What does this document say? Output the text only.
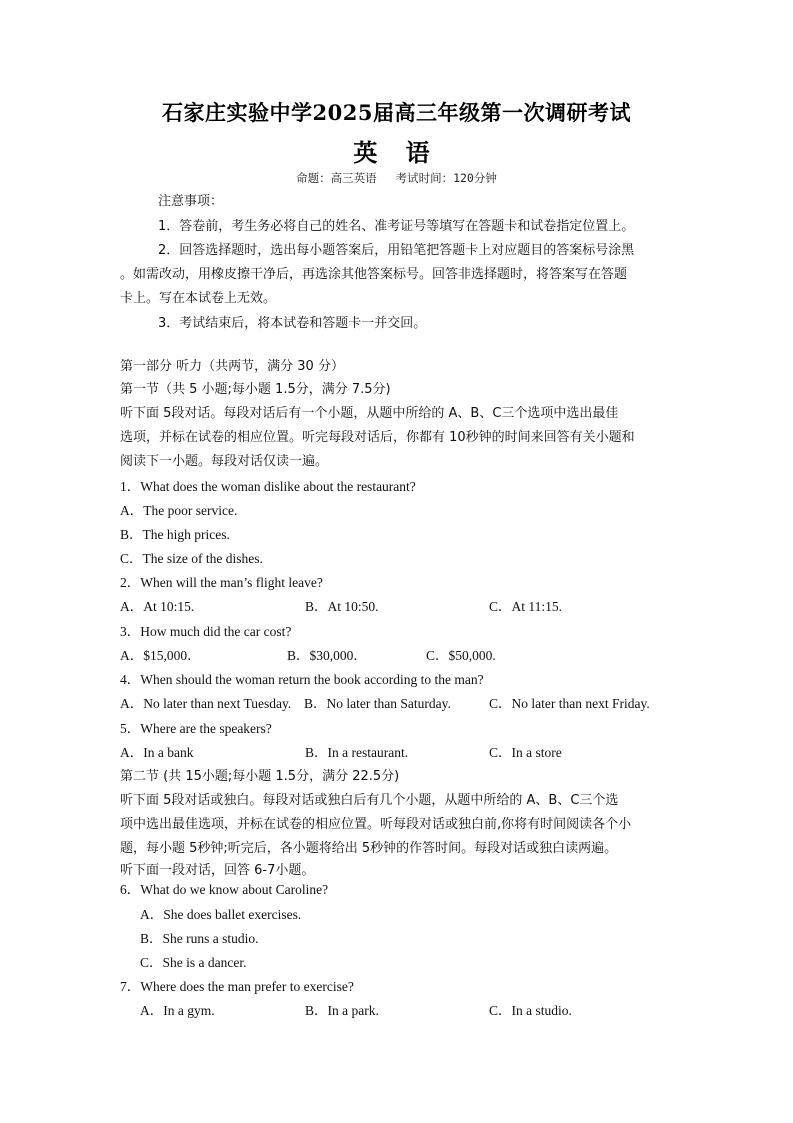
石家庄实验中学2025届高三年级第一次调研考试
英 语
命题：高三英语 考试时间：120分钟
注意事项：
1．答卷前，考生务必将自己的姓名、准考证号等填写在答题卡和试卷指定位置上。
2．回答选择题时，选出每小题答案后，用铅笔把答题卡上对应题目的答案标号涂黑
。如需改动，用橡皮擦干净后，再选涂其他答案标号。回答非选择题时，将答案写在答题
卡上。写在本试卷上无效。
3．考试结束后，将本试卷和答题卡一并交回。
第一部分 听力（共两节，满分 30 分）
第一节（共 5 小题;每小题 1.5分，满分 7.5分)
听下面 5段对话。每段对话后有一个小题，从题中所给的 A、B、C三个选项中选出最佳
选项，并标在试卷的相应位置。听完每段对话后，你都有 10秒钟的时间来回答有关小题和
阅读下一小题。每段对话仅读一遍。
1．What does the woman dislike about the restaurant?
A．The poor service.
B．The high prices.
C．The size of the dishes.
2．When will the man’s flight leave?
A．At 10:15.	B．At 10:50.	C．At 11:15.
3．How much did the car cost?
A．$15,000．	B．$30,000．	C．$50,000.
4．When should the woman return the book according to the man?
A．No later than next Tuesday. B．No later than Saturday.	C．No later than next Friday.
5．Where are the speakers?
A．In a bank	B．In a restaurant.	C．In a store
第二节 (共 15小题;每小题 1.5分，满分 22.5分)
听下面 5段对话或独白。每段对话或独白后有几个小题，从题中所给的 A、B、C三个选
项中选出最佳选项，并标在试卷的相应位置。听每段对话或独白前,你将有时间阅读各个小
题，每小题 5秒钟;听完后，各小题将给出 5秒钟的作答时间。每段对话或独白读两遍。
听下面一段对话，回答 6-7小题。
6．What do we know about Caroline?
A．She does ballet exercises.
B．She runs a studio.
C．She is a dancer.
7．Where does the man prefer to exercise?
A．In a gym.	B．In a park.	C．In a studio.
